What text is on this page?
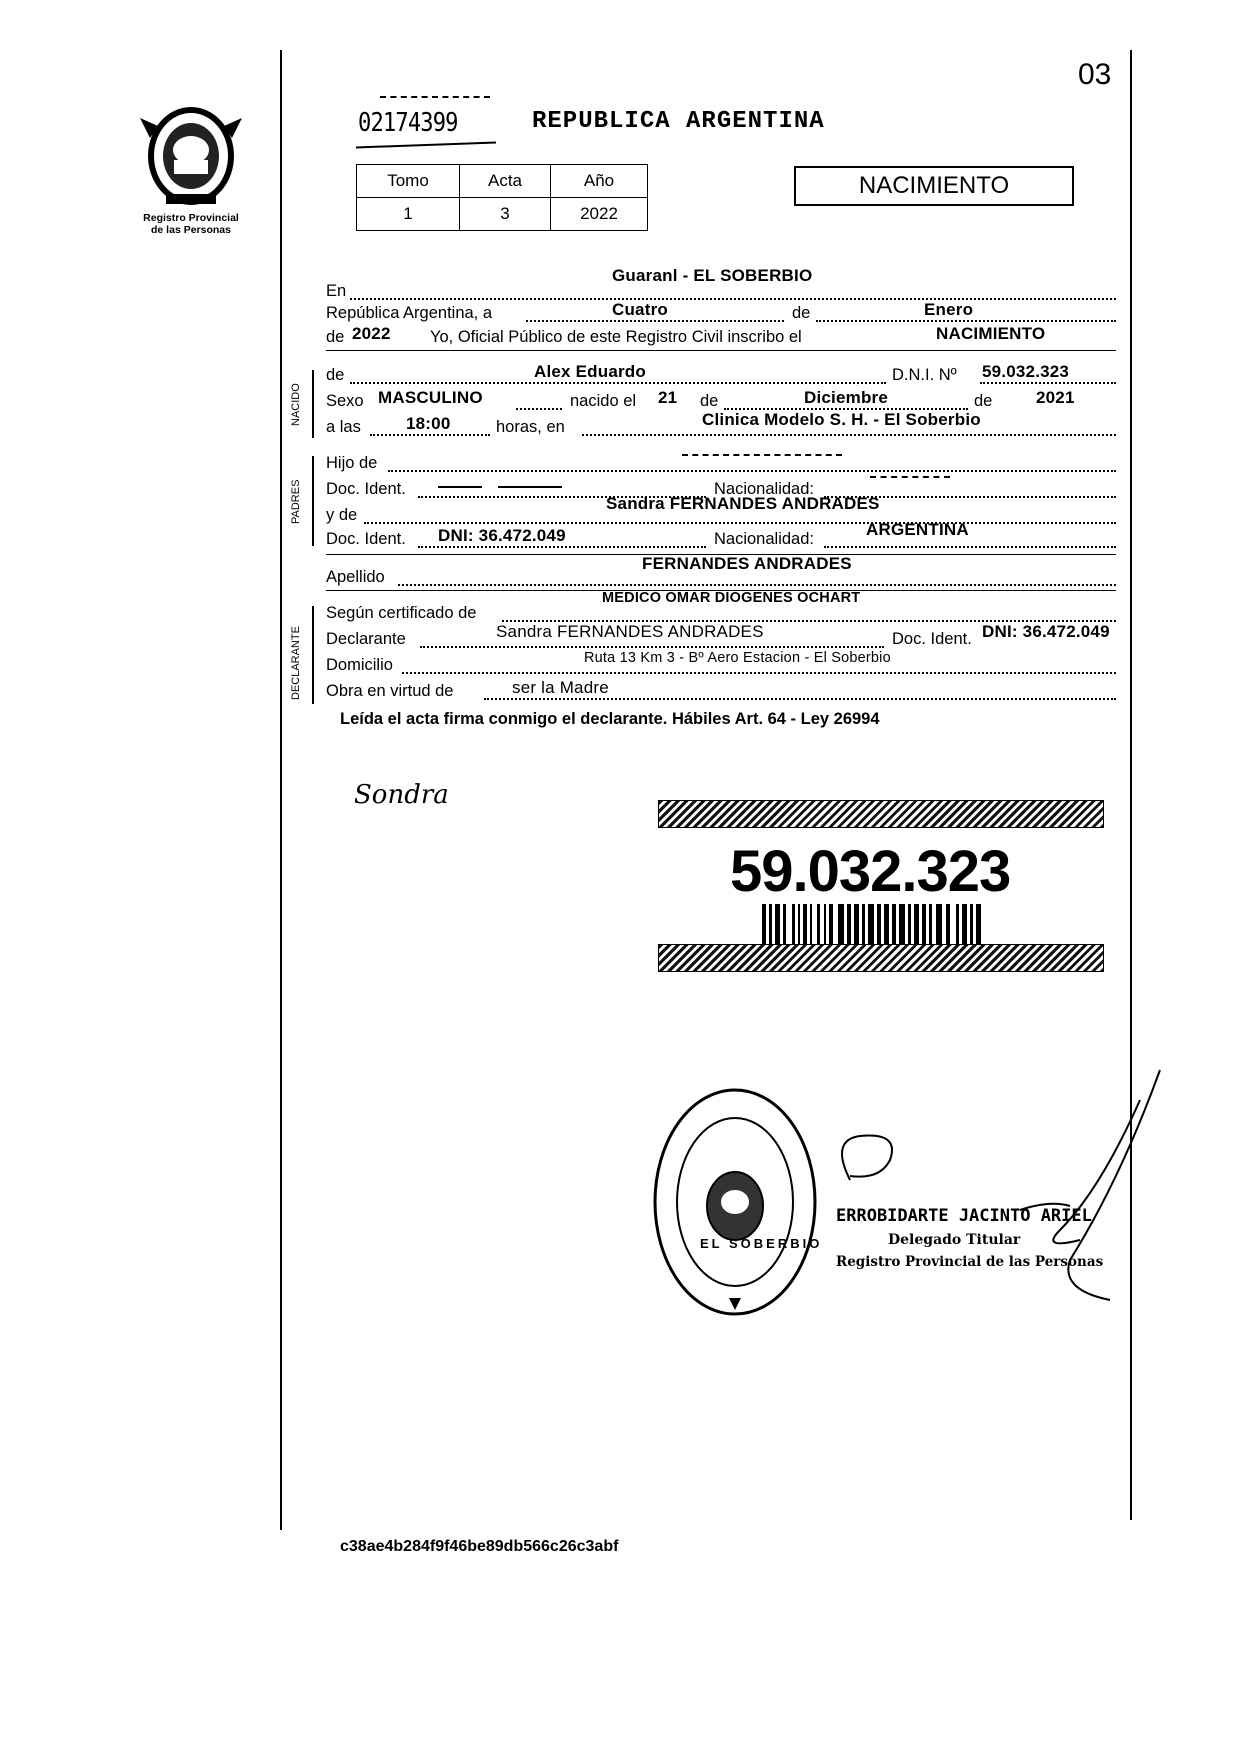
03
Registro Provincial
de las Personas
02174399	REPUBLICA ARGENTINA
Tomo	Acta	Año
1	3	2022
NACIMIENTO
En
Guaranl - EL SOBERBIO
República Argentina, a	Cuatro	de	Enero
de 2022 Yo, Oficial Público de este Registro Civil inscribo el	NACIMIENTO
NACIDO
de	Alex Eduardo	D.N.I. Nº 59.032.323
Sexo MASCULINO	nacido el 21 de	Diciembre	de	2021
a las	18:00	horas, en	Clinica Modelo S. H. - El Soberbio
PADRES
Hijo de
Doc. Ident.	Nacionalidad:
y de
Sandra FERNANDES ANDRADES
Doc. Ident. DNI: 36.472.049	Nacionalidad:	ARGENTINA
Apellido
FERNANDES ANDRADES
DECLARANTE
Según certificado de
MEDICO OMAR DIOGENES OCHART
Declarante	Sandra FERNANDES ANDRADES	Doc. Ident. DNI: 36.472.049
Domicilio	Ruta 13 Km 3 - Bº Aero Estacion - El Soberbio
Obra en virtud de	ser la Madre
Leída el acta firma conmigo el declarante. Hábiles Art. 64 - Ley 26994
Sondra
59.032.323
EL SOBERBIO
ERROBIDARTE JACINTO ARIEL
Delegado Titular
Registro Provincial de las Personas
c38ae4b284f9f46be89db566c26c3abf
